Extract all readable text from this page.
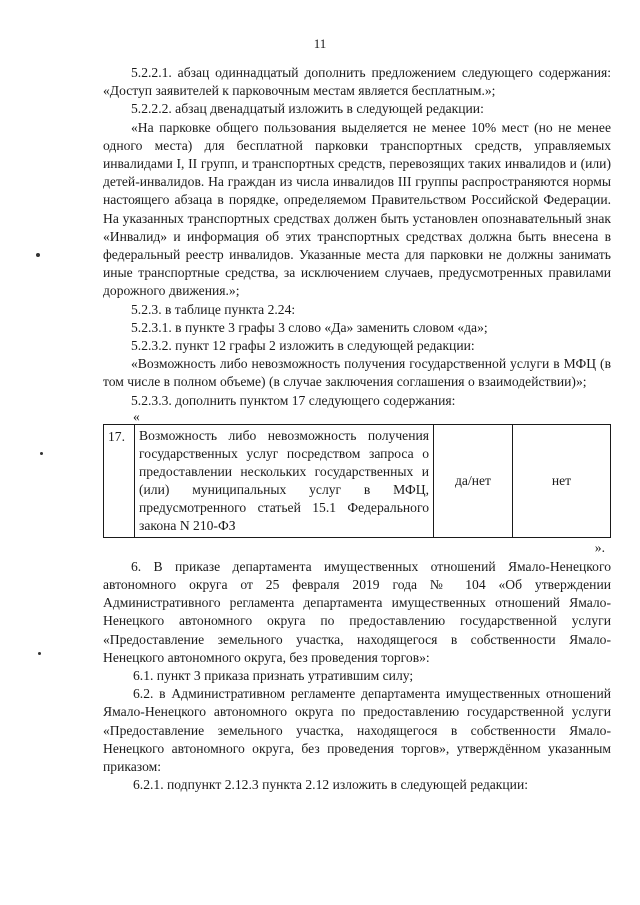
11

5.2.2.1. абзац одиннадцатый дополнить предложением следующего содержания: «Доступ заявителей к парковочным местам является бесплатным.»;

5.2.2.2. абзац двенадцатый изложить в следующей редакции:

«На парковке общего пользования выделяется не менее 10% мест (но не менее одного места) для бесплатной парковки транспортных средств, управляемых инвалидами I, II групп, и транспортных средств, перевозящих таких инвалидов и (или) детей-инвалидов. На граждан из числа инвалидов III группы распространяются нормы настоящего абзаца в порядке, определяемом Правительством Российской Федерации. На указанных транспортных средствах должен быть установлен опознавательный знак «Инвалид» и информация об этих транспортных средствах должна быть внесена в федеральный реестр инвалидов. Указанные места для парковки не должны занимать иные транспортные средства, за исключением случаев, предусмотренных правилами дорожного движения.»;

5.2.3. в таблице пункта 2.24:

5.2.3.1. в пункте 3 графы 3 слово «Да» заменить словом «да»;

5.2.3.2. пункт 12 графы 2 изложить в следующей редакции:

«Возможность либо невозможность получения государственной услуги в МФЦ (в том числе в полном объеме) (в случае заключения соглашения о взаимодействии)»;

5.2.3.3. дополнить пунктом 17 следующего содержания:

«

17.	Возможность либо невозможность получения государственных услуг посредством запроса о предоставлении нескольких государственных и (или) муниципальных услуг в МФЦ, предусмотренного статьей 15.1 Федерального закона N 210-ФЗ	да/нет	нет

».

6. В приказе департамента имущественных отношений Ямало-Ненецкого автономного округа от 25 февраля 2019 года № 104 «Об утверждении Административного регламента департамента имущественных отношений Ямало-Ненецкого автономного округа по предоставлению государственной услуги «Предоставление земельного участка, находящегося в собственности Ямало-Ненецкого автономного округа, без проведения торгов»:

6.1. пункт 3 приказа признать утратившим силу;

6.2. в Административном регламенте департамента имущественных отношений Ямало-Ненецкого автономного округа по предоставлению государственной услуги «Предоставление земельного участка, находящегося в собственности Ямало-Ненецкого автономного округа, без проведения торгов», утверждённом указанным приказом:

6.2.1. подпункт 2.12.3 пункта 2.12 изложить в следующей редакции:
